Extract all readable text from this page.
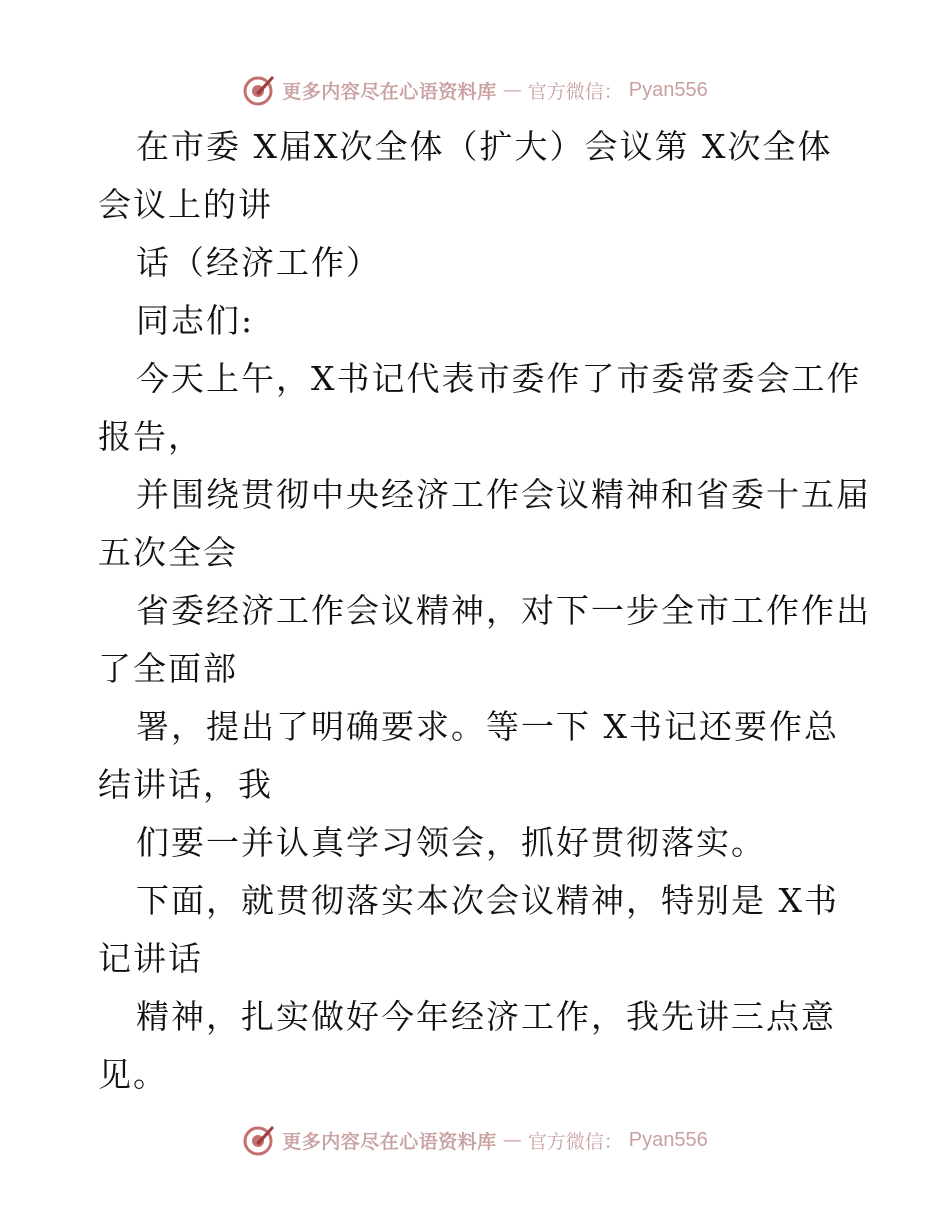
更多内容尽在心语资料库 — 官方微信： Pyan556
在市委 X届X次全体（扩大）会议第 X次全体
会议上的讲
话（经济工作）
同志们:
今天上午，X书记代表市委作了市委常委会工作
报告，
并围绕贯彻中央经济工作会议精神和省委十五届
五次全会
省委经济工作会议精神，对下一步全市工作作出
了全面部
署，提出了明确要求。等一下 X书记还要作总
结讲话，我
们要一并认真学习领会，抓好贯彻落实。
下面，就贯彻落实本次会议精神，特别是 X书
记讲话
精神，扎实做好今年经济工作，我先讲三点意
见。
更多内容尽在心语资料库 — 官方微信： Pyan556
